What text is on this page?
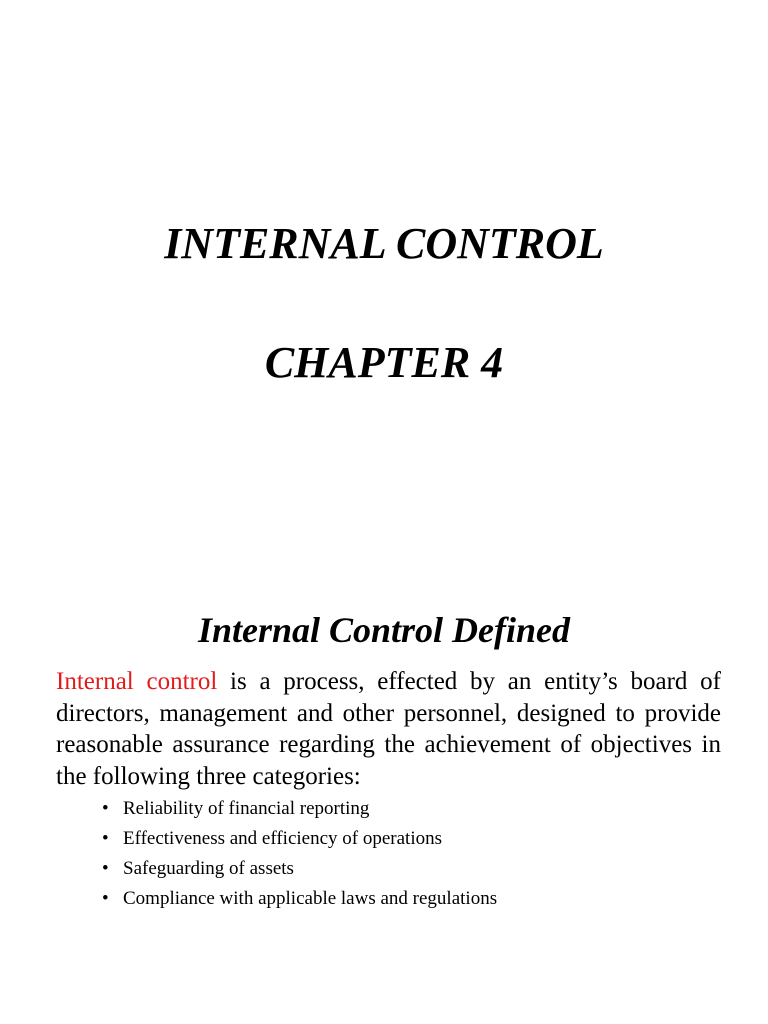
INTERNAL CONTROL
CHAPTER 4
Internal Control Defined

Internal control is a process, effected by an entity’s board of directors, management and other personnel, designed to provide reasonable assurance regarding the achievement of objectives in the following three categories:

• Reliability of financial reporting
• Effectiveness and efficiency of operations
• Safeguarding of assets
• Compliance with applicable laws and regulations
